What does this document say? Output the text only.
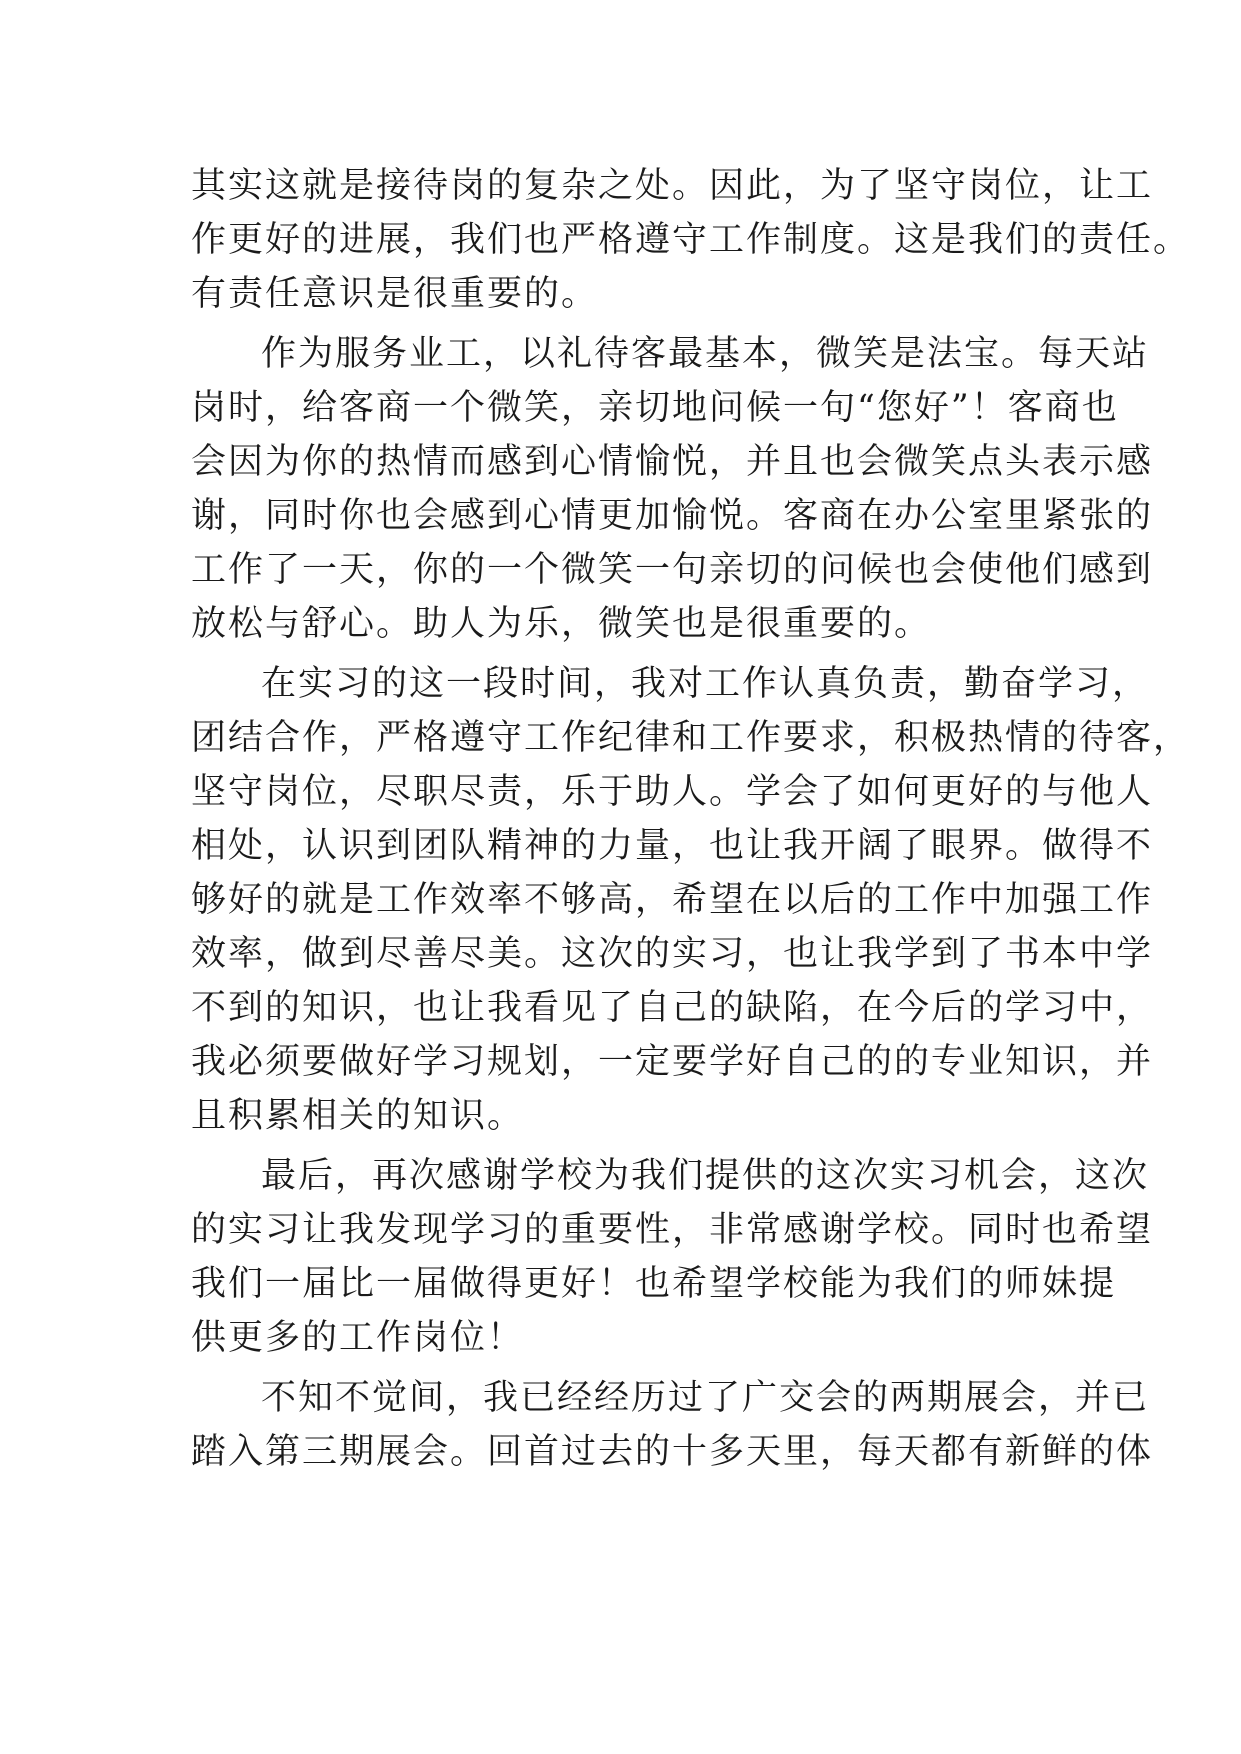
其实这就是接待岗的复杂之处。因此，为了坚守岗位，让工
作更好的进展，我们也严格遵守工作制度。这是我们的责任。
有责任意识是很重要的。
作为服务业工，以礼待客最基本，微笑是法宝。每天站
岗时，给客商一个微笑，亲切地问候一句“您好”！客商也
会因为你的热情而感到心情愉悦，并且也会微笑点头表示感
谢，同时你也会感到心情更加愉悦。客商在办公室里紧张的
工作了一天，你的一个微笑一句亲切的问候也会使他们感到
放松与舒心。助人为乐，微笑也是很重要的。
在实习的这一段时间，我对工作认真负责，勤奋学习，
团结合作，严格遵守工作纪律和工作要求，积极热情的待客，
坚守岗位，尽职尽责，乐于助人。学会了如何更好的与他人
相处，认识到团队精神的力量，也让我开阔了眼界。做得不
够好的就是工作效率不够高，希望在以后的工作中加强工作
效率，做到尽善尽美。这次的实习，也让我学到了书本中学
不到的知识，也让我看见了自己的缺陷，在今后的学习中，
我必须要做好学习规划，一定要学好自己的的专业知识，并
且积累相关的知识。
最后，再次感谢学校为我们提供的这次实习机会，这次
的实习让我发现学习的重要性，非常感谢学校。同时也希望
我们一届比一届做得更好！也希望学校能为我们的师妹提
供更多的工作岗位！
不知不觉间，我已经经历过了广交会的两期展会，并已
踏入第三期展会。回首过去的十多天里，每天都有新鲜的体
